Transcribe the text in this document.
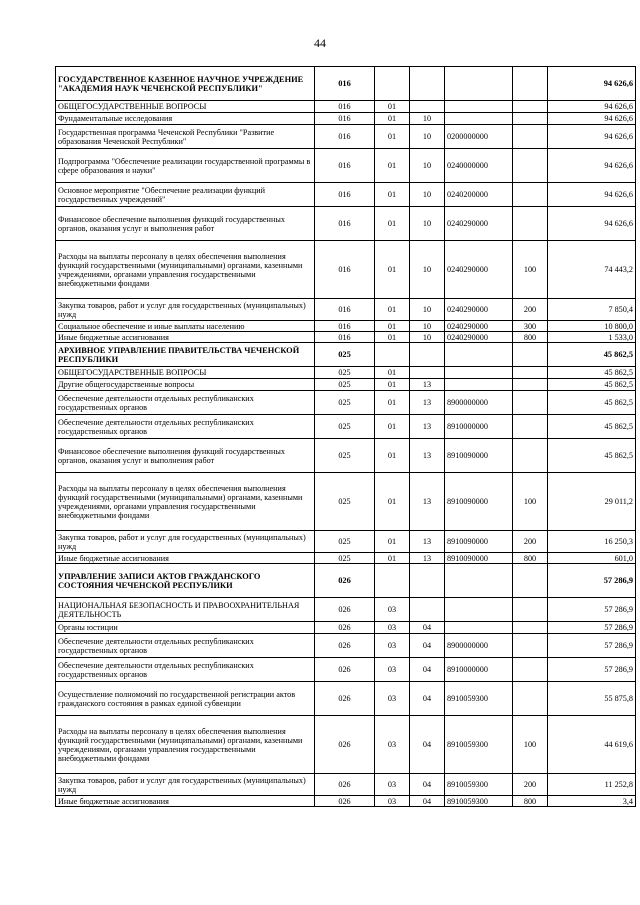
44
ГОСУДАРСТВЕННОЕ КАЗЕННОЕ НАУЧНОЕ УЧРЕЖДЕНИЕ "АКАДЕМИЯ НАУК ЧЕЧЕНСКОЙ РЕСПУБЛИКИ"	016					94 626,6
ОБЩЕГОСУДАРСТВЕННЫЕ ВОПРОСЫ	016	01				94 626,6
Фундаментальные исследования	016	01	10			94 626,6
Государственная программа Чеченской Республики "Развитие образования Чеченской Республики"	016	01	10	0200000000		94 626,6
Подпрограмма "Обеспечение реализации государственной программы в сфере образования и науки"	016	01	10	0240000000		94 626,6
Основное мероприятие "Обеспечение реализации функций государственных учреждений"	016	01	10	0240200000		94 626,6
Финансовое обеспечение выполнения функций государственных органов, оказания услуг и выполнения работ	016	01	10	0240290000		94 626,6
Расходы на выплаты персоналу в целях обеспечения выполнения функций государственными (муниципальными) органами, казенными учреждениями, органами управления государственными внебюджетными фондами	016	01	10	0240290000	100	74 443,2
Закупка товаров, работ и услуг для государственных (муниципальных) нужд	016	01	10	0240290000	200	7 850,4
Социальное обеспечение и иные выплаты населению	016	01	10	0240290000	300	10 800,0
Иные бюджетные ассигнования	016	01	10	0240290000	800	1 533,0
АРХИВНОЕ УПРАВЛЕНИЕ ПРАВИТЕЛЬСТВА ЧЕЧЕНСКОЙ РЕСПУБЛИКИ	025					45 862,5
ОБЩЕГОСУДАРСТВЕННЫЕ ВОПРОСЫ	025	01				45 862,5
Другие общегосударственные вопросы	025	01	13			45 862,5
Обеспечение деятельности отдельных республиканских государственных органов	025	01	13	8900000000		45 862,5
Обеспечение деятельности отдельных республиканских государственных органов	025	01	13	8910000000		45 862,5
Финансовое обеспечение выполнения функций государственных органов, оказания услуг и выполнения работ	025	01	13	8910090000		45 862,5
Расходы на выплаты персоналу в целях обеспечения выполнения функций государственными (муниципальными) органами, казенными учреждениями, органами управления государственными внебюджетными фондами	025	01	13	8910090000	100	29 011,2
Закупка товаров, работ и услуг для государственных (муниципальных) нужд	025	01	13	8910090000	200	16 250,3
Иные бюджетные ассигнования	025	01	13	8910090000	800	601,0
УПРАВЛЕНИЕ ЗАПИСИ АКТОВ ГРАЖДАНСКОГО СОСТОЯНИЯ ЧЕЧЕНСКОЙ РЕСПУБЛИКИ	026					57 286,9
НАЦИОНАЛЬНАЯ БЕЗОПАСНОСТЬ И ПРАВООХРАНИТЕЛЬНАЯ ДЕЯТЕЛЬНОСТЬ	026	03				57 286,9
Органы юстиции	026	03	04			57 286,9
Обеспечение деятельности отдельных республиканских государственных органов	026	03	04	8900000000		57 286,9
Обеспечение деятельности отдельных республиканских государственных органов	026	03	04	8910000000		57 286,9
Осуществление полномочий по государственной регистрации актов гражданского состояния в рамках единой субвенции	026	03	04	8910059300		55 875,8
Расходы на выплаты персоналу в целях обеспечения выполнения функций государственными (муниципальными) органами, казенными учреждениями, органами управления государственными внебюджетными фондами	026	03	04	8910059300	100	44 619,6
Закупка товаров, работ и услуг для государственных (муниципальных) нужд	026	03	04	8910059300	200	11 252,8
Иные бюджетные ассигнования	026	03	04	8910059300	800	3,4
